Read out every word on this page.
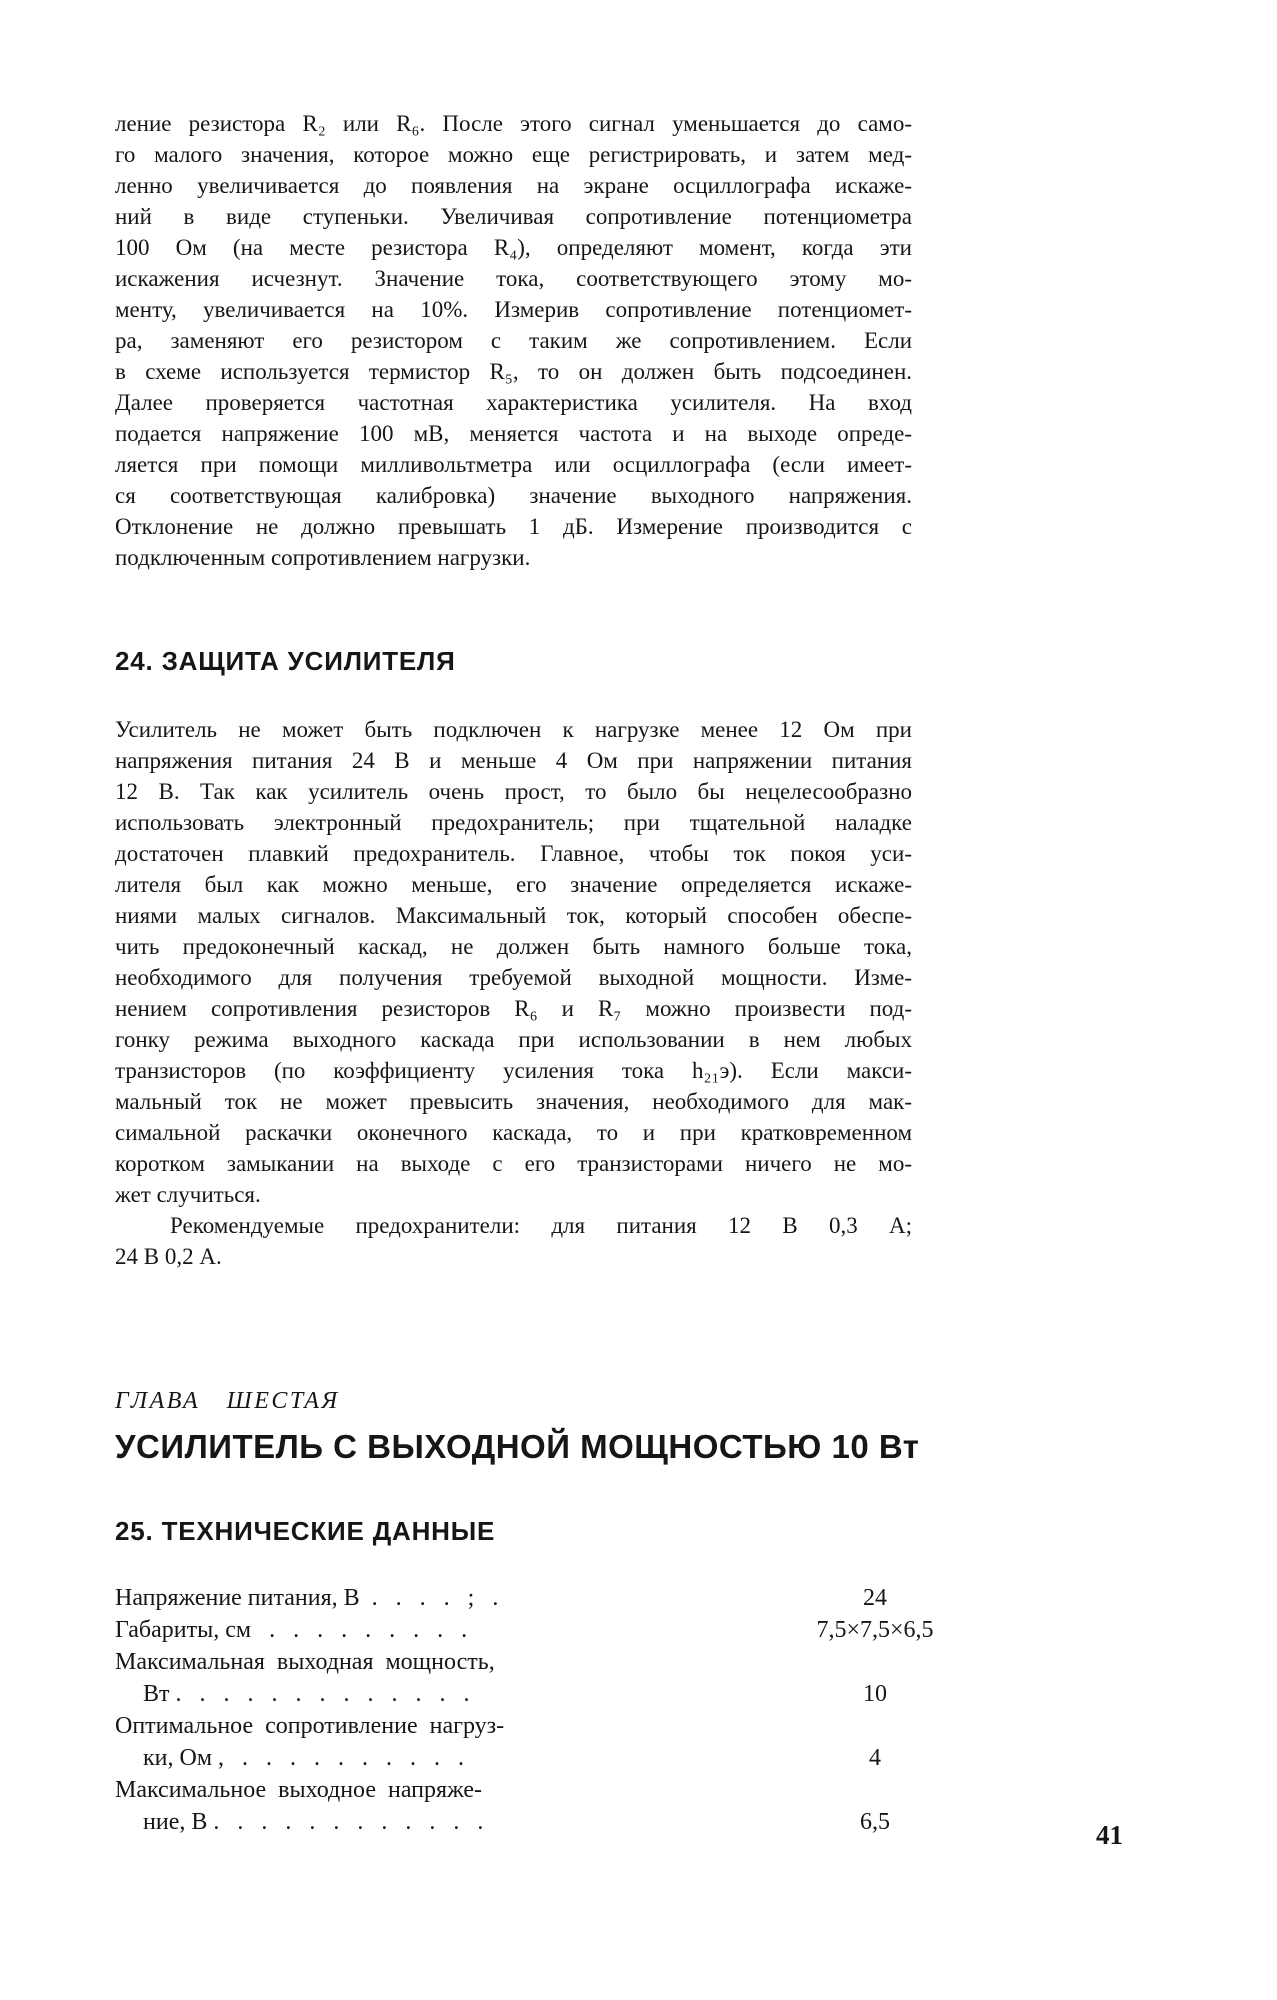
ление резистора R₂ или R₆. После этого сигнал уменьшается до само-
го малого значения, которое можно еще регистрировать, и затем мед-
ленно увеличивается до появления на экране осциллографа искаже-
ний в виде ступеньки. Увеличивая сопротивление потенциометра
100 Ом (на месте резистора R₄), определяют момент, когда эти
искажения исчезнут. Значение тока, соответствующего этому мо-
менту, увеличивается на 10%. Измерив сопротивление потенциомет-
ра, заменяют его резистором с таким же сопротивлением. Если
в схеме используется термистор R₅, то он должен быть подсоединен.
Далее проверяется частотная характеристика усилителя. На вход
подается напряжение 100 мВ, меняется частота и на выходе опреде-
ляется при помощи милливольтметра или осциллографа (если имеет-
ся соответствующая калибровка) значение выходного напряжения.
Отклонение не должно превышать 1 дБ. Измерение производится с
подключенным сопротивлением нагрузки.
24. ЗАЩИТА УСИЛИТЕЛЯ
Усилитель не может быть подключен к нагрузке менее 12 Ом при
напряжения питания 24 В и меньше 4 Ом при напряжении питания
12 В. Так как усилитель очень прост, то было бы нецелесообразно
использовать электронный предохранитель; при тщательной наладке
достаточен плавкий предохранитель. Главное, чтобы ток покоя уси-
лителя был как можно меньше, его значение определяется искаже-
ниями малых сигналов. Максимальный ток, который способен обеспе-
чить предоконечный каскад, не должен быть намного больше тока,
необходимого для получения требуемой выходной мощности. Изме-
нением сопротивления резисторов R₆ и R₇ можно произвести под-
гонку режима выходного каскада при использовании в нем любых
транзисторов (по коэффициенту усиления тока h₂₁э). Если макси-
мальный ток не может превысить значения, необходимого для мак-
симальной раскачки оконечного каскада, то и при кратковременном
коротком замыкании на выходе с его транзисторами ничего не мо-
жет случиться.
Рекомендуемые предохранители: для питания 12 В 0,3 А;
24 В 0,2 А.
ГЛАВА ШЕСТАЯ
УСИЛИТЕЛЬ С ВЫХОДНОЙ МОЩНОСТЬЮ 10 Вт
25. ТЕХНИЧЕСКИЕ ДАННЫЕ
Напряжение питания, В  .   .   .   .   ;   .	24
Габариты, см   .   .   .   .   .   .   .   .   .	7,5×7,5×6,5
Максимальная  выходная  мощность,
Вт .   .   .   .   .   .   .   .   .   .   .   .   .	10
Оптимальное  сопротивление  нагруз-
ки, Ом ,   .   .   .   .   .   .   .   .   .   .	4
Максимальное  выходное  напряже-
ние, В .   .   .   .   .   .   .   .   .   .   .   .	6,5	41
